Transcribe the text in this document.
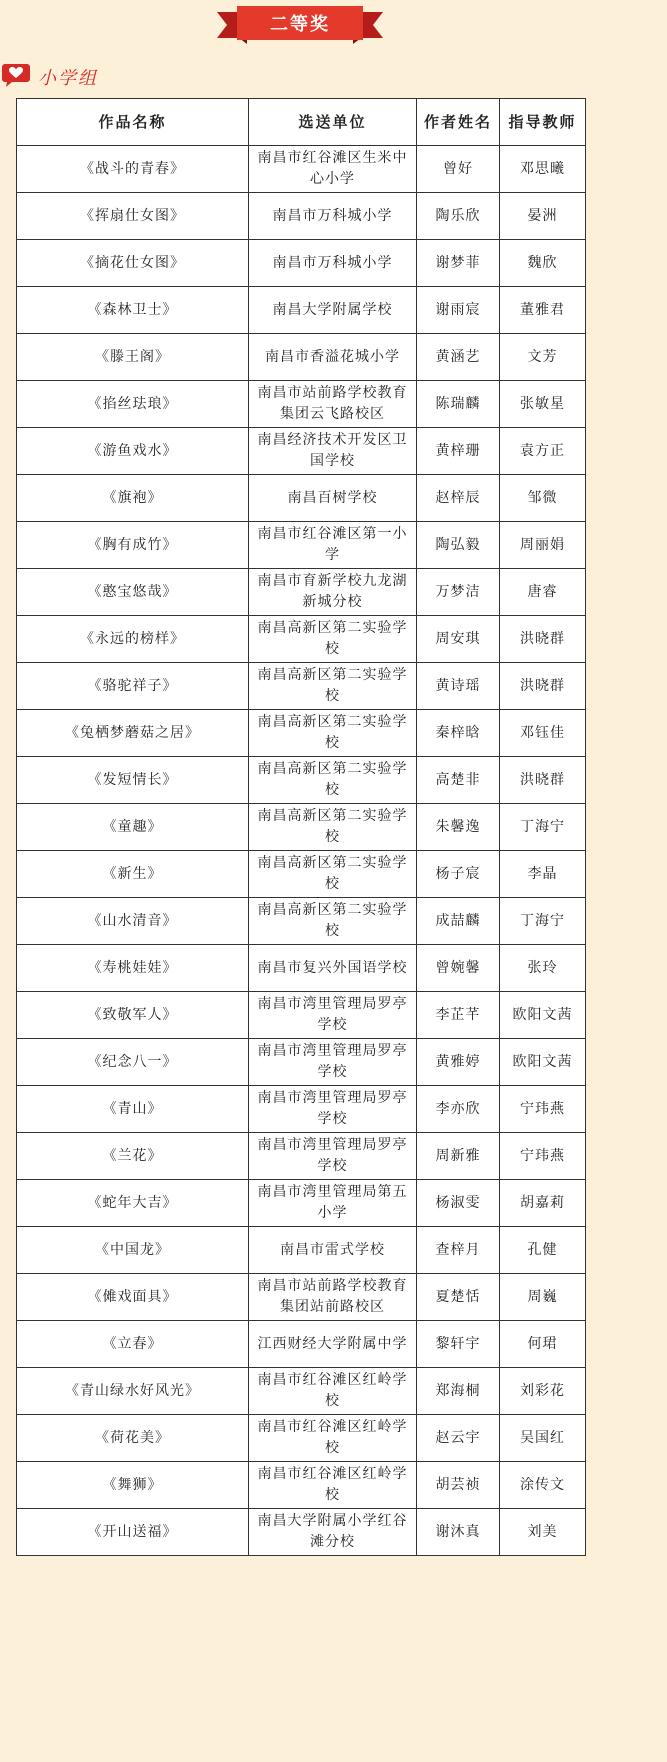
二等奖
小学组
作品名称	选送单位	作者姓名	指导教师
《战斗的青春》	南昌市红谷滩区生米中心小学	曾好	邓思曦
《挥扇仕女图》	南昌市万科城小学	陶乐欣	晏洲
《摘花仕女图》	南昌市万科城小学	谢梦菲	魏欣
《森林卫士》	南昌大学附属学校	谢雨宸	董雅君
《滕王阁》	南昌市香溢花城小学	黄涵艺	文芳
《掐丝珐琅》	南昌市站前路学校教育集团云飞路校区	陈瑞麟	张敏星
《游鱼戏水》	南昌经济技术开发区卫国学校	黄梓珊	袁方正
《旗袍》	南昌百树学校	赵梓辰	邹微
《胸有成竹》	南昌市红谷滩区第一小学	陶弘毅	周丽娟
《憨宝悠哉》	南昌市育新学校九龙湖新城分校	万梦洁	唐睿
《永远的榜样》	南昌高新区第二实验学校	周安琪	洪晓群
《骆驼祥子》	南昌高新区第二实验学校	黄诗瑶	洪晓群
《兔栖梦蘑菇之居》	南昌高新区第二实验学校	秦梓晗	邓钰佳
《发短情长》	南昌高新区第二实验学校	高楚非	洪晓群
《童趣》	南昌高新区第二实验学校	朱馨逸	丁海宁
《新生》	南昌高新区第二实验学校	杨子宸	李晶
《山水清音》	南昌高新区第二实验学校	成喆麟	丁海宁
《寿桃娃娃》	南昌市复兴外国语学校	曾婉馨	张玲
《致敬军人》	南昌市湾里管理局罗亭学校	李芷芊	欧阳文茜
《纪念八一》	南昌市湾里管理局罗亭学校	黄雅婷	欧阳文茜
《青山》	南昌市湾里管理局罗亭学校	李亦欣	宁玮燕
《兰花》	南昌市湾里管理局罗亭学校	周新雅	宁玮燕
《蛇年大吉》	南昌市湾里管理局第五小学	杨淑雯	胡嘉莉
《中国龙》	南昌市雷式学校	查梓月	孔健
《傩戏面具》	南昌市站前路学校教育集团站前路校区	夏楚恬	周巍
《立春》	江西财经大学附属中学	黎轩宇	何珺
《青山绿水好风光》	南昌市红谷滩区红岭学校	郑海桐	刘彩花
《荷花美》	南昌市红谷滩区红岭学校	赵云宇	吴国红
《舞狮》	南昌市红谷滩区红岭学校	胡芸祯	涂传文
《开山送福》	南昌大学附属小学红谷滩分校	谢沐真	刘美
